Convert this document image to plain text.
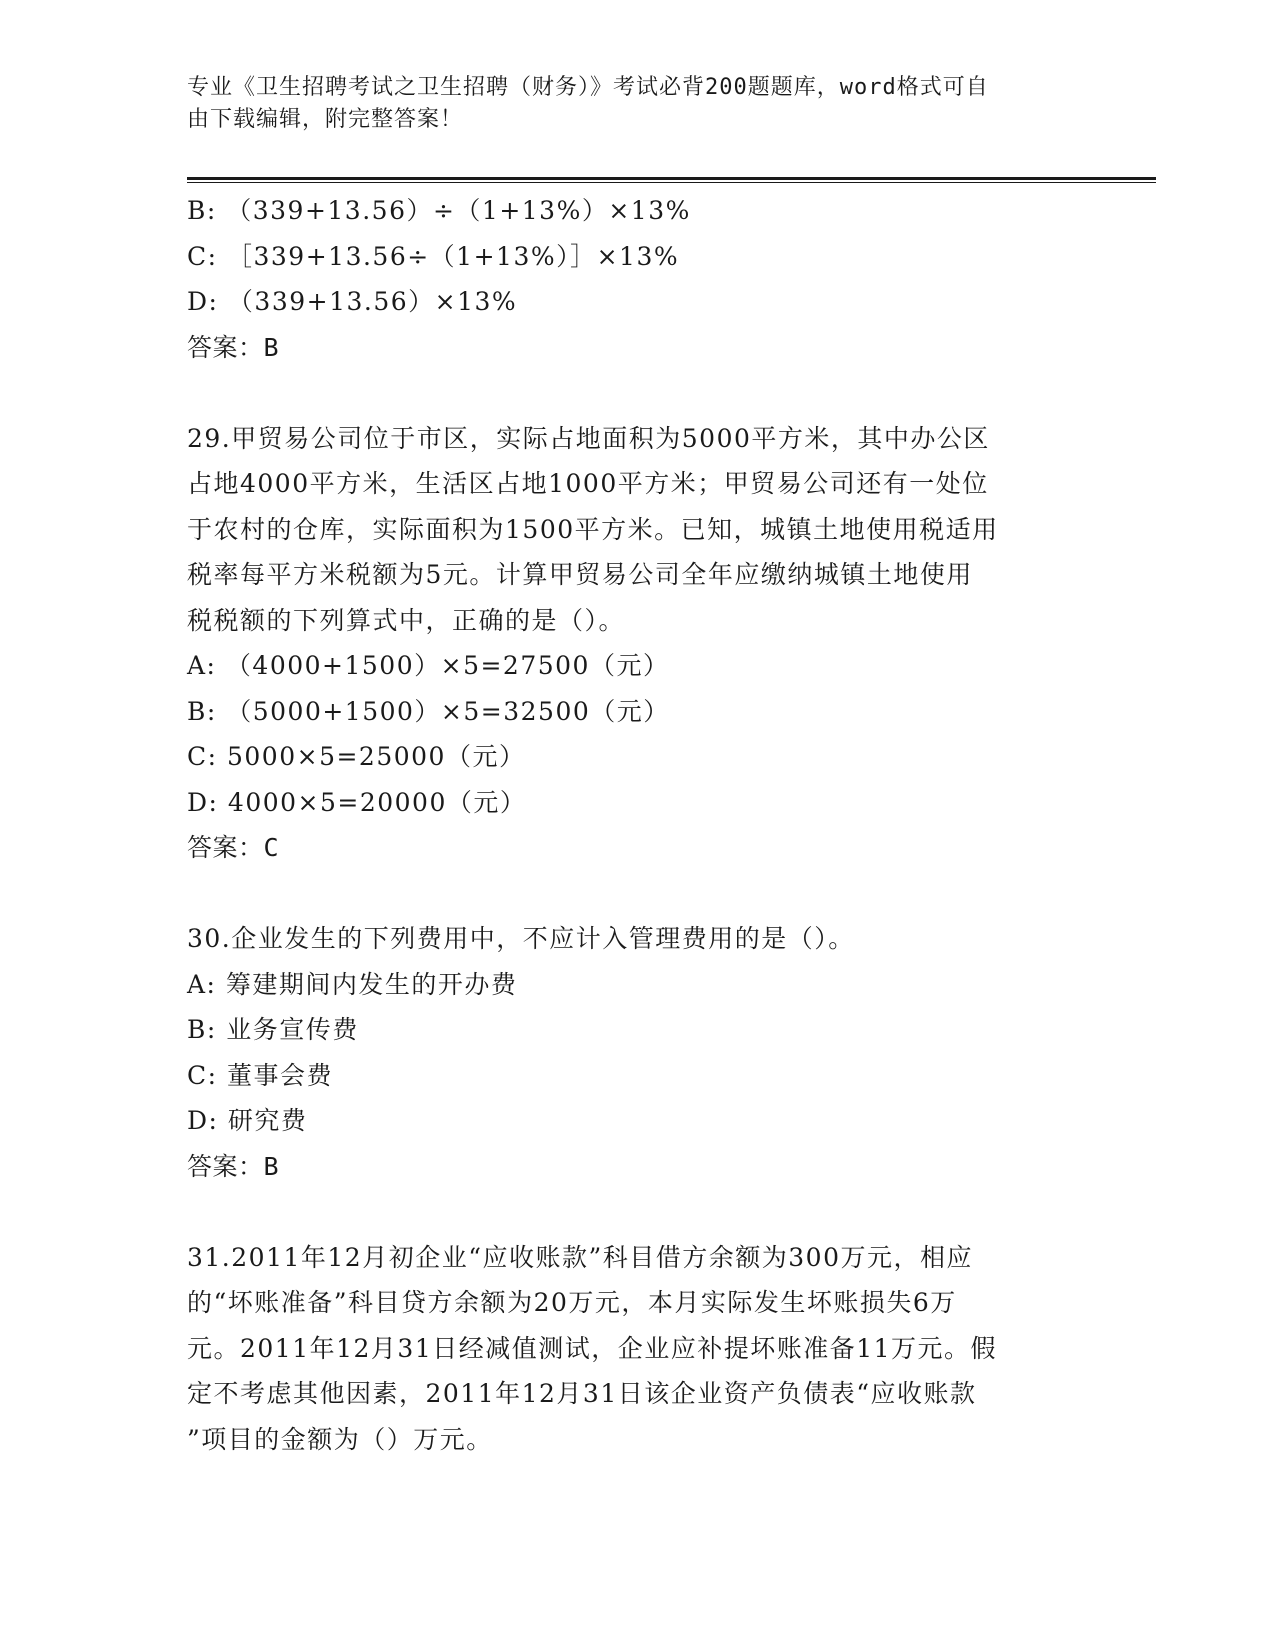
专业《卫生招聘考试之卫生招聘（财务）》考试必背200题题库，word格式可自
由下载编辑，附完整答案！
B: （339+13.56）÷（1+13%）×13%
C: ［339+13.56÷（1+13%）］×13%
D: （339+13.56）×13%
答案：B
29.甲贸易公司位于市区，实际占地面积为5000平方米，其中办公区
占地4000平方米，生活区占地1000平方米；甲贸易公司还有一处位
于农村的仓库，实际面积为1500平方米。已知，城镇土地使用税适用
税率每平方米税额为5元。计算甲贸易公司全年应缴纳城镇土地使用
税税额的下列算式中，正确的是（）。
A: （4000+1500）×5=27500（元）
B: （5000+1500）×5=32500（元）
C: 5000×5=25000（元）
D: 4000×5=20000（元）
答案：C
30.企业发生的下列费用中，不应计入管理费用的是（）。
A: 筹建期间内发生的开办费
B: 业务宣传费
C: 董事会费
D: 研究费
答案：B
31.2011年12月初企业“应收账款”科目借方余额为300万元，相应
的“坏账准备”科目贷方余额为20万元，本月实际发生坏账损失6万
元。2011年12月31日经减值测试，企业应补提坏账准备11万元。假
定不考虑其他因素，2011年12月31日该企业资产负债表“应收账款
”项目的金额为（）万元。
